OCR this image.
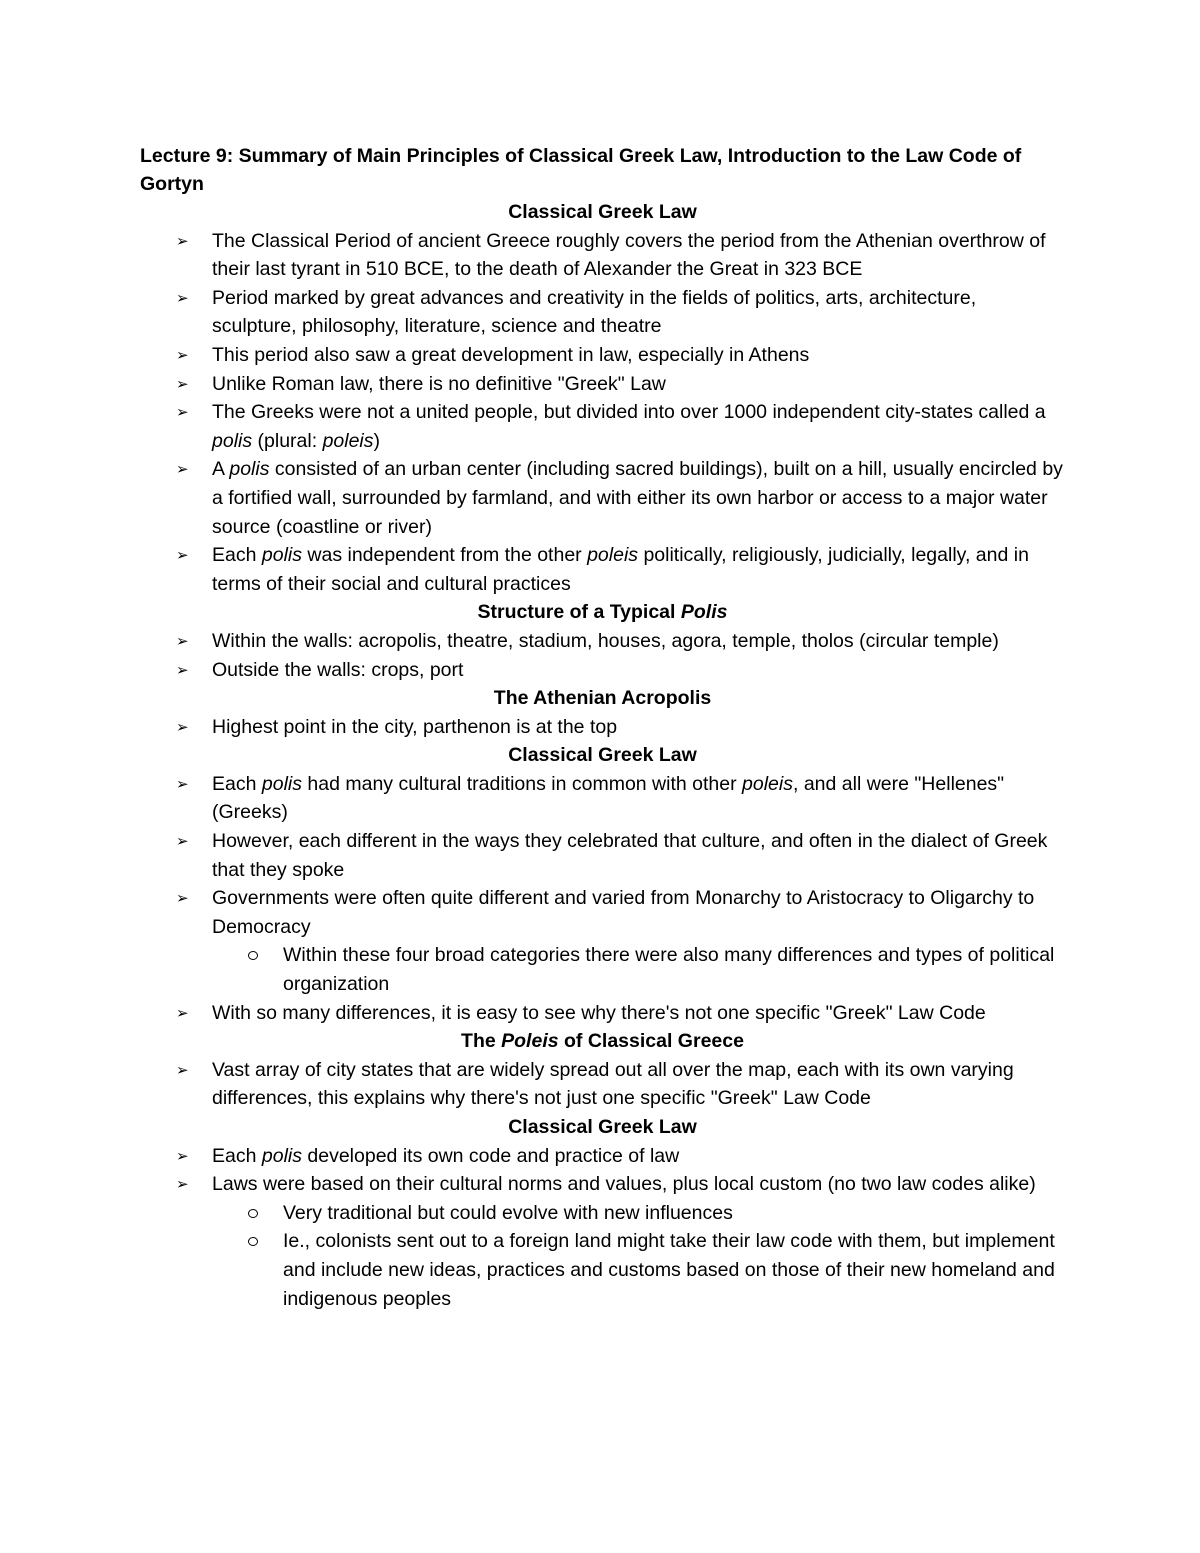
Lecture 9: Summary of Main Principles of Classical Greek Law, Introduction to the Law Code of Gortyn

Classical Greek Law

➢ The Classical Period of ancient Greece roughly covers the period from the Athenian overthrow of their last tyrant in 510 BCE, to the death of Alexander the Great in 323 BCE
➢ Period marked by great advances and creativity in the fields of politics, arts, architecture, sculpture, philosophy, literature, science and theatre
➢ This period also saw a great development in law, especially in Athens
➢ Unlike Roman law, there is no definitive "Greek" Law
➢ The Greeks were not a united people, but divided into over 1000 independent city-states called a polis (plural: poleis)
➢ A polis consisted of an urban center (including sacred buildings), built on a hill, usually encircled by a fortified wall, surrounded by farmland, and with either its own harbor or access to a major water source (coastline or river)
➢ Each polis was independent from the other poleis politically, religiously, judicially, legally, and in terms of their social and cultural practices

Structure of a Typical Polis

➢ Within the walls: acropolis, theatre, stadium, houses, agora, temple, tholos (circular temple)
➢ Outside the walls: crops, port

The Athenian Acropolis

➢ Highest point in the city, parthenon is at the top

Classical Greek Law

➢ Each polis had many cultural traditions in common with other poleis, and all were "Hellenes" (Greeks)
➢ However, each different in the ways they celebrated that culture, and often in the dialect of Greek that they spoke
➢ Governments were often quite different and varied from Monarchy to Aristocracy to Oligarchy to Democracy
Within these four broad categories there were also many differences and types of political organization
➢ With so many differences, it is easy to see why there's not one specific "Greek" Law Code

The Poleis of Classical Greece

➢ Vast array of city states that are widely spread out all over the map, each with its own varying differences, this explains why there's not just one specific "Greek" Law Code

Classical Greek Law

➢ Each polis developed its own code and practice of law
➢ Laws were based on their cultural norms and values, plus local custom (no two law codes alike)
Very traditional but could evolve with new influences
Ie., colonists sent out to a foreign land might take their law code with them, but implement and include new ideas, practices and customs based on those of their new homeland and indigenous peoples
